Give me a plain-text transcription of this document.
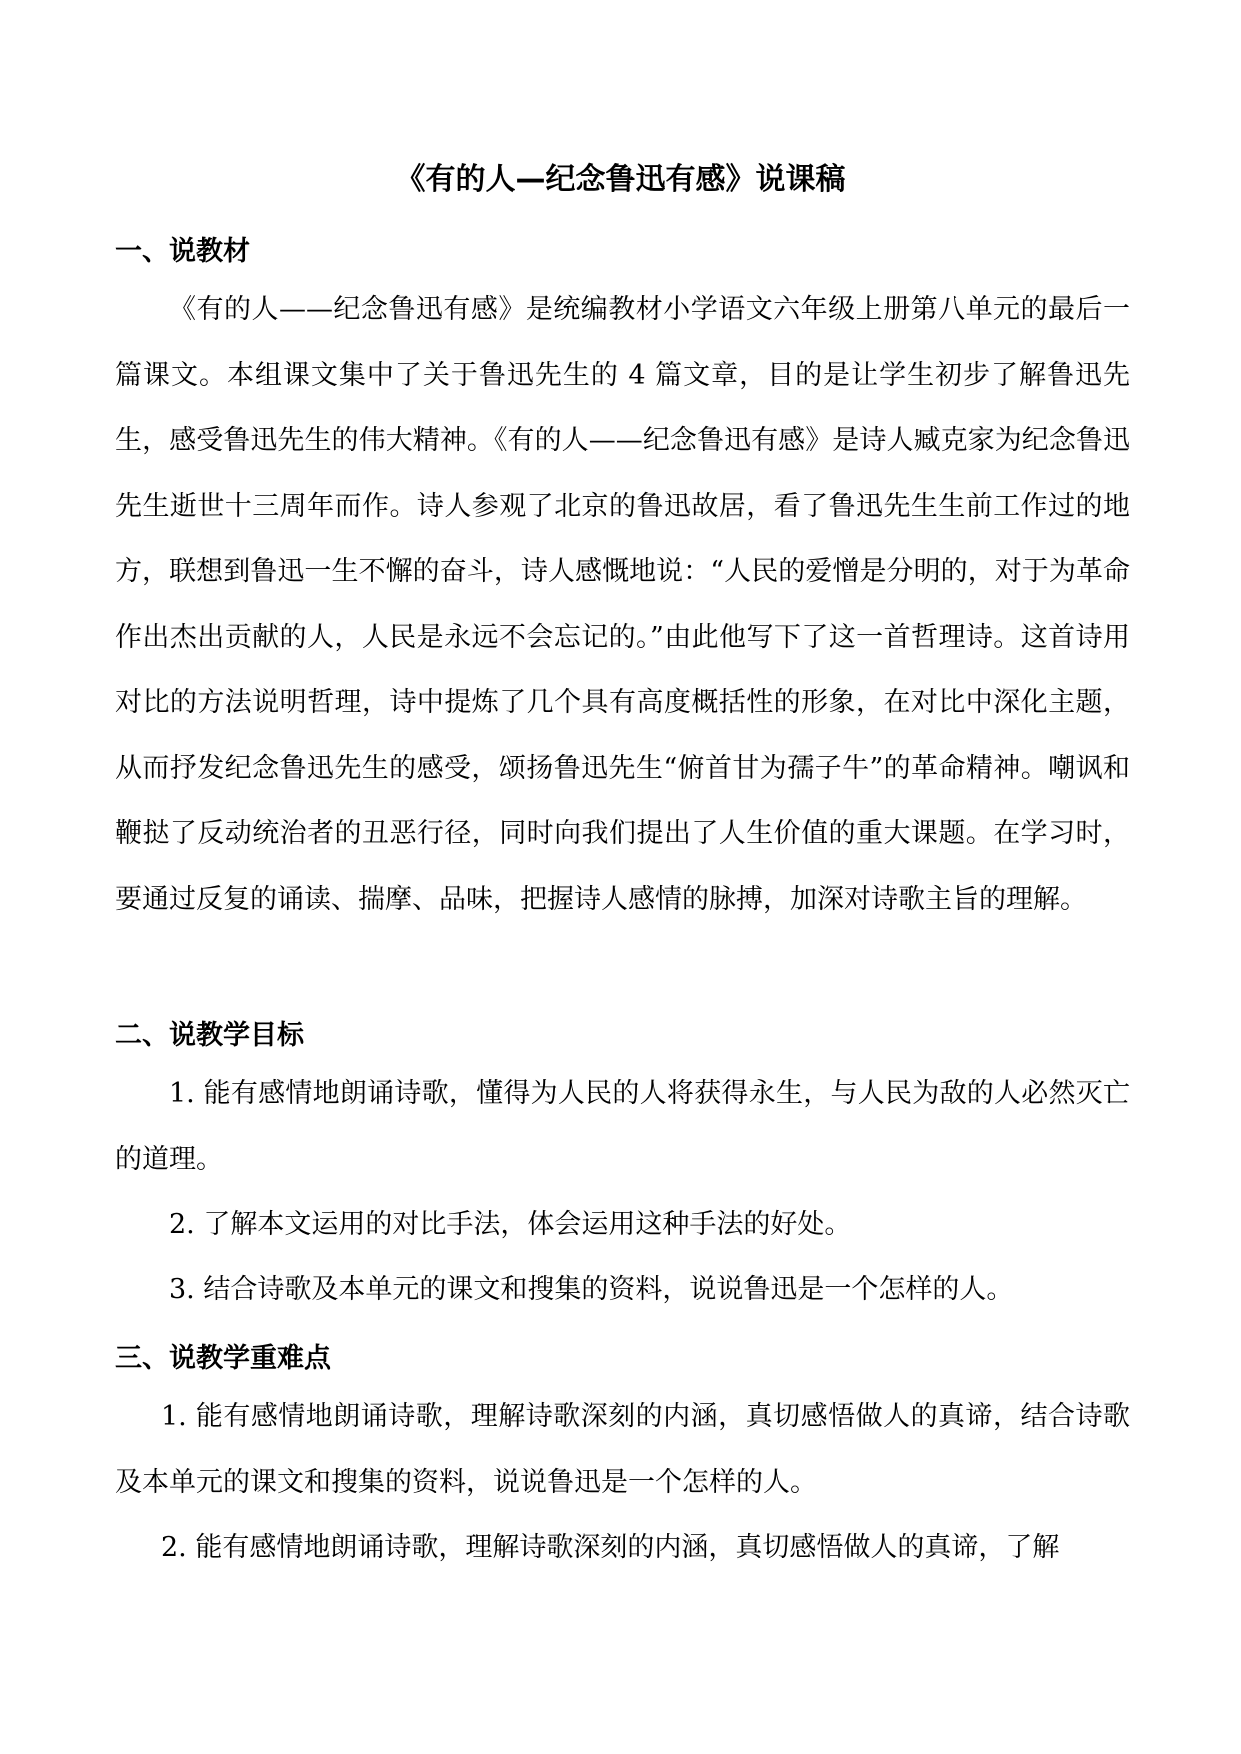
《有的人—纪念鲁迅有感》说课稿
一、说教材

《有的人——纪念鲁迅有感》是统编教材小学语文六年级上册第八单元的最后一篇课文。本组课文集中了关于鲁迅先生的 4 篇文章，目的是让学生初步了解鲁迅先生，感受鲁迅先生的伟大精神。《有的人——纪念鲁迅有感》是诗人臧克家为纪念鲁迅先生逝世十三周年而作。诗人参观了北京的鲁迅故居，看了鲁迅先生生前工作过的地方，联想到鲁迅一生不懈的奋斗，诗人感慨地说：“人民的爱憎是分明的，对于为革命作出杰出贡献的人，人民是永远不会忘记的。”由此他写下了这一首哲理诗。这首诗用对比的方法说明哲理，诗中提炼了几个具有高度概括性的形象，在对比中深化主题，从而抒发纪念鲁迅先生的感受，颂扬鲁迅先生“俯首甘为孺子牛”的革命精神。嘲讽和鞭挞了反动统治者的丑恶行径，同时向我们提出了人生价值的重大课题。在学习时，要通过反复的诵读、揣摩、品味，把握诗人感情的脉搏，加深对诗歌主旨的理解。

二、说教学目标

1. 能有感情地朗诵诗歌，懂得为人民的人将获得永生，与人民为敌的人必然灭亡的道理。

2. 了解本文运用的对比手法，体会运用这种手法的好处。

3. 结合诗歌及本单元的课文和搜集的资料，说说鲁迅是一个怎样的人。

三、说教学重难点

1. 能有感情地朗诵诗歌，理解诗歌深刻的内涵，真切感悟做人的真谛，结合诗歌及本单元的课文和搜集的资料，说说鲁迅是一个怎样的人。

2. 能有感情地朗诵诗歌，理解诗歌深刻的内涵，真切感悟做人的真谛，了解
